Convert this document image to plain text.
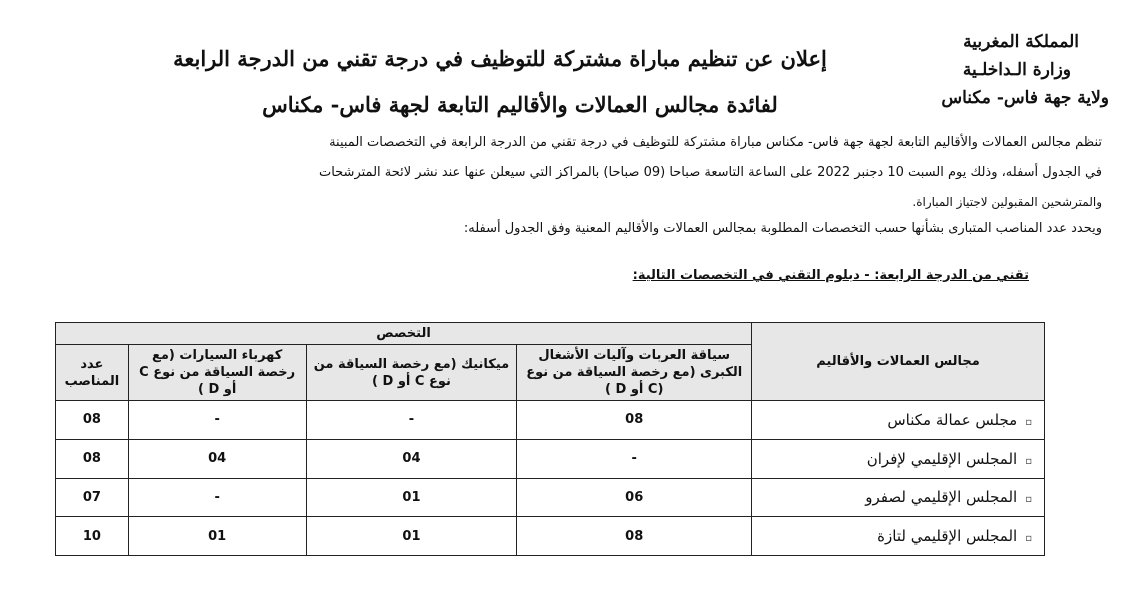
المملكة المغربية
وزارة الـداخلـية
ولاية جهة فاس- مكناس
إعلان عن تنظيم مباراة مشتركة للتوظيف في درجة تقني من الدرجة الرابعة
لفائدة مجالس العمالات والأقاليم التابعة لجهة فاس- مكناس

تنظم مجالس العمالات والأقاليم التابعة لجهة جهة فاس- مكناس مباراة مشتركة للتوظيف في درجة تقني من الدرجة الرابعة في التخصصات المبينة

في الجدول أسفله، وذلك يوم السبت 10 دجنبر 2022 على الساعة التاسعة صباحا (09 صباحا) بالمراكز التي سيعلن عنها عند نشر لائحة المترشحات

والمترشحين المقبولين لاجتياز المباراة.

ويحدد عدد المناصب المتبارى بشأنها حسب التخصصات المطلوبة بمجالس العمالات والأقاليم المعنية وفق الجدول أسفله:

تقني من الدرجة الرابعة: - دبلوم التقني في التخصصات التالية:
مجالس العمالات والأقاليم	التخصص			
	سياقة العربات وآليات الأشغال الكبرى (مع رخصة السياقة من نوع (C أو D )	ميكانيك (مع رخصة السياقة من نوع C أو D )	كهرباء السيارات (مع رخصة السياقة من نوع C أو D )	عدد المناصب
▫مجلس عمالة مكناس	08	-	-	08
▫المجلس الإقليمي لإفران	-	04	04	08
▫المجلس الإقليمي لصفرو	06	01	-	07
▫المجلس الإقليمي لتازة	08	01	01	10
